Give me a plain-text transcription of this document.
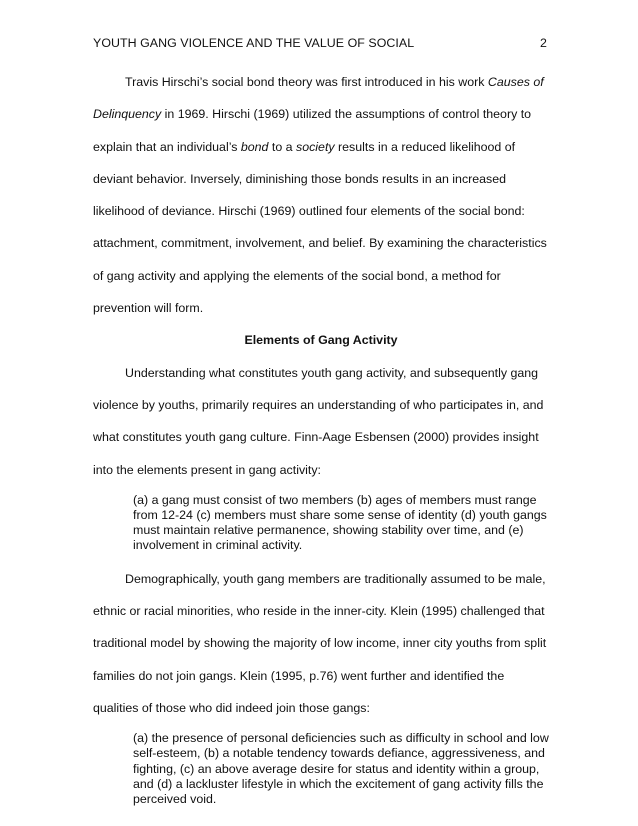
YOUTH GANG VIOLENCE AND THE VALUE OF SOCIAL	2

Travis Hirschi’s social bond theory was first introduced in his work Causes of Delinquency in 1969. Hirschi (1969) utilized the assumptions of control theory to explain that an individual’s bond to a society results in a reduced likelihood of deviant behavior. Inversely, diminishing those bonds results in an increased likelihood of deviance. Hirschi (1969) outlined four elements of the social bond: attachment, commitment, involvement, and belief. By examining the characteristics of gang activity and applying the elements of the social bond, a method for prevention will form.

Elements of Gang Activity

Understanding what constitutes youth gang activity, and subsequently gang violence by youths, primarily requires an understanding of who participates in, and what constitutes youth gang culture. Finn-Aage Esbensen (2000) provides insight into the elements present in gang activity:

(a) a gang must consist of two members (b) ages of members must range from 12-24 (c) members must share some sense of identity (d) youth gangs must maintain relative permanence, showing stability over time, and (e) involvement in criminal activity.

Demographically, youth gang members are traditionally assumed to be male, ethnic or racial minorities, who reside in the inner-city. Klein (1995) challenged that traditional model by showing the majority of low income, inner city youths from split families do not join gangs. Klein (1995, p.76) went further and identified the qualities of those who did indeed join those gangs:

(a) the presence of personal deficiencies such as difficulty in school and low self-esteem, (b) a notable tendency towards defiance, aggressiveness, and fighting, (c) an above average desire for status and identity within a group, and (d) a lackluster lifestyle in which the excitement of gang activity fills the perceived void.
